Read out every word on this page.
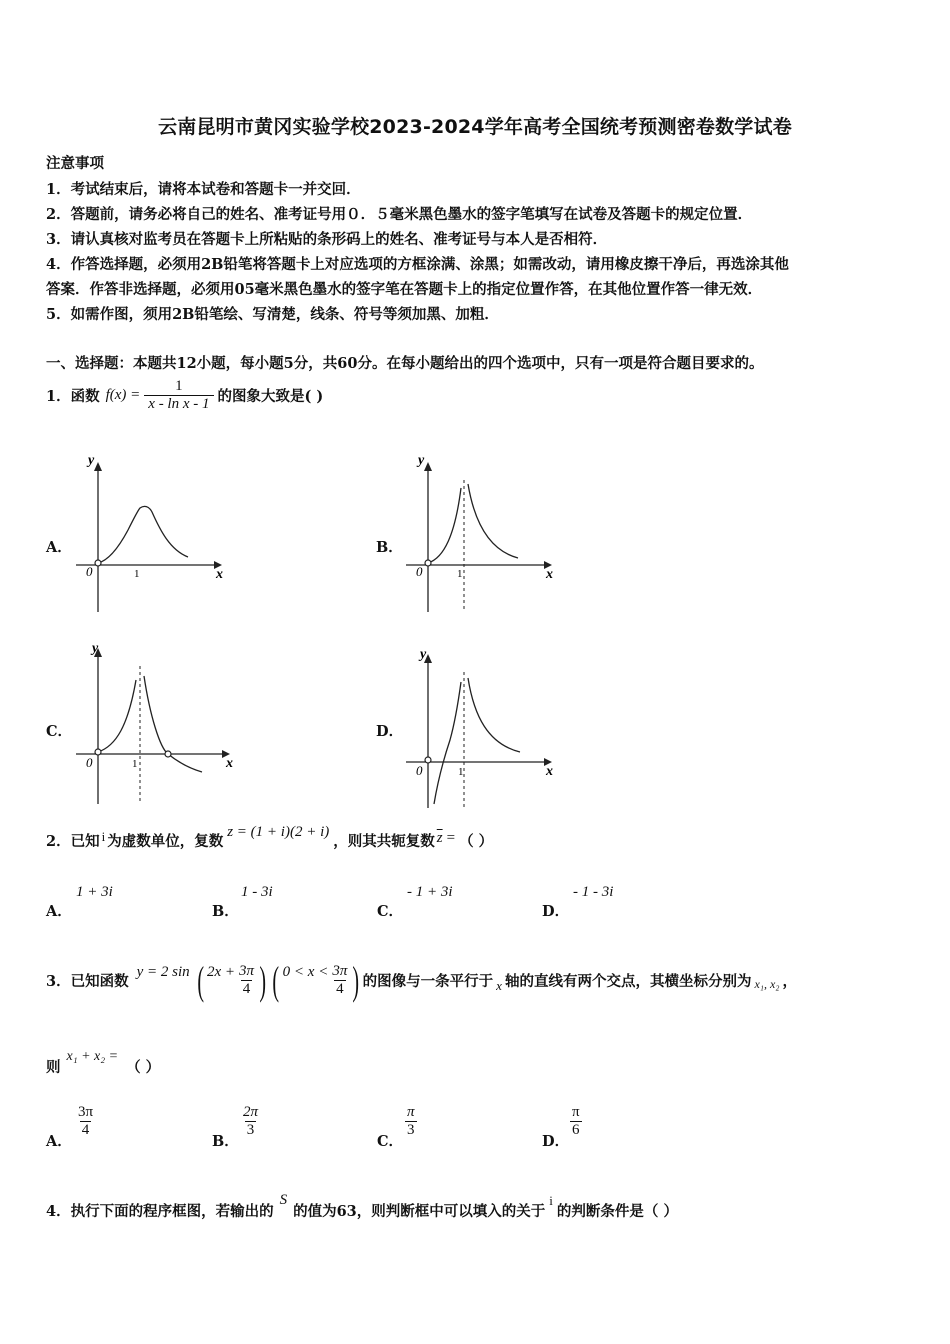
云南昆明市黄冈实验学校2023-2024学年高考全国统考预测密卷数学试卷
注意事项
1．考试结束后，请将本试卷和答题卡一并交回．
2．答题前，请务必将自己的姓名、准考证号用０．５毫米黑色墨水的签字笔填写在试卷及答题卡的规定位置．
3．请认真核对监考员在答题卡上所粘贴的条形码上的姓名、准考证号与本人是否相符．
4．作答选择题，必须用2B铅笔将答题卡上对应选项的方框涂满、涂黑；如需改动，请用橡皮擦干净后，再选涂其他
答案．作答非选择题，必须用05毫米黑色墨水的签字笔在答题卡上的指定位置作答，在其他位置作答一律无效．
5．如需作图，须用2B铅笔绘、写清楚，线条、符号等须加黑、加粗．
一、选择题：本题共12小题，每小题5分，共60分。在每小题给出的四个选项中，只有一项是符合题目要求的。
1．函数 $f(x) = \frac{1}{\text{x - ln x - 1}}$ 的图象大致是( )
A．	B．
C．	D．
y
x
0	1
y
x
0	1
y
x
0	1
y
x
0	1
2．已知 i 为虚数单位，复数
z = (1 + i)(2 + i)
，则其共轭复数 $\overline{z}$ = （ ）
A．
1 + 3i
B．
1 - 3i
C．
- 1 + 3i
D．
- 1 - 3i
3．已知函数
y = 2 sin ( $2x + \frac{3\pi}{4}$ ) ( $0 < x < \frac{3\pi}{4}$ ) 的图像与一条平行于 x 轴的直线有两个交点，其横坐标分别为 x₁, x₂ ，
则
x₁ + x₂ =
（ ）
A．
$\frac{3\pi}{4}$
B．
$\frac{2\pi}{3}$
C．
$\frac{\pi}{3}$
D．
$\frac{\pi}{6}$
4．执行下面的程序框图，若输出的
S
的值为63，则判断框中可以填入的关于
i
的判断条件是（ ）
